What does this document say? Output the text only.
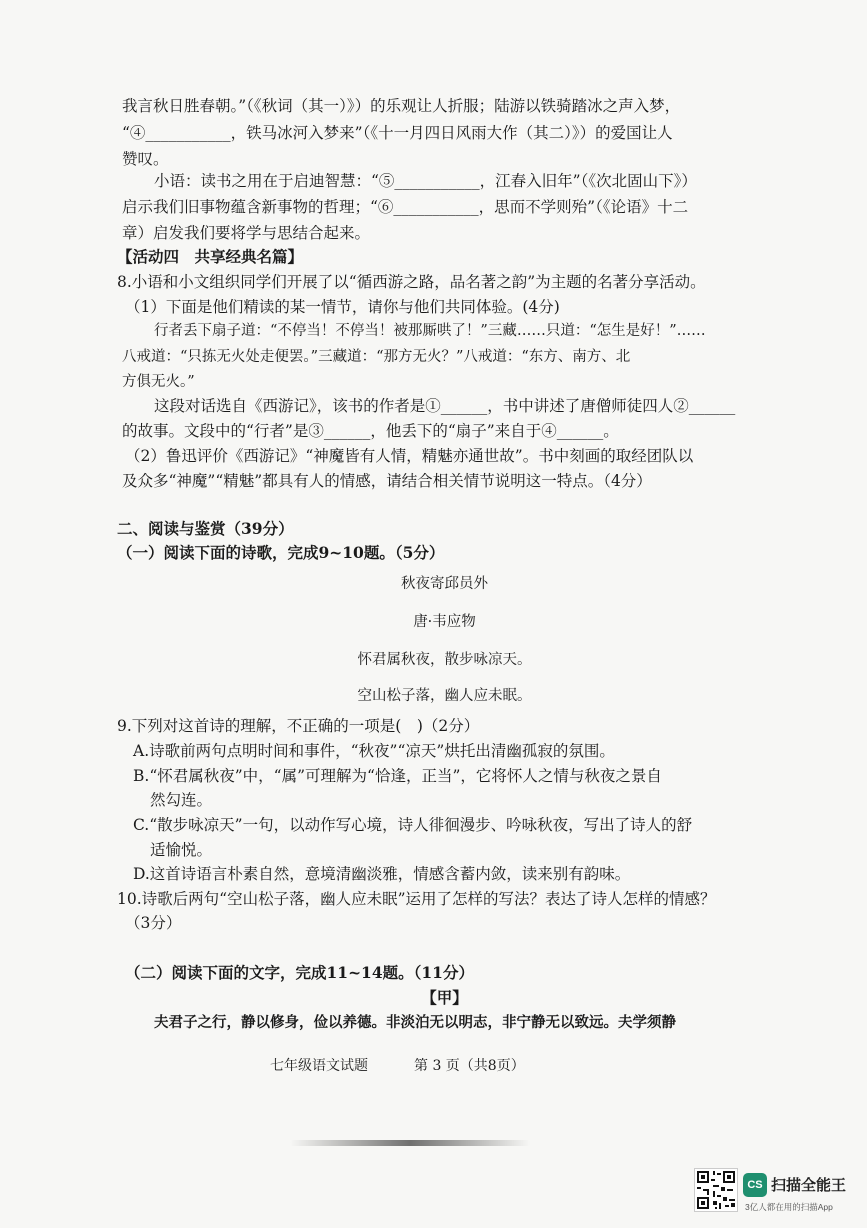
我言秋日胜春朝。”（《秋词（其一）》）的乐观让人折服；陆游以铁骑踏冰之声入梦，
“④___________，铁马冰河入梦来”（《十一月四日风雨大作（其二）》）的爱国让人
赞叹。
小语：读书之用在于启迪智慧：“⑤___________，江春入旧年”（《次北固山下》）
启示我们旧事物蕴含新事物的哲理；“⑥___________，思而不学则殆”（《论语》十二
章）启发我们要将学与思结合起来。
【活动四　共享经典名篇】
8.小语和小文组织同学们开展了以“循西游之路，品名著之韵”为主题的名著分享活动。
（1）下面是他们精读的某一情节，请你与他们共同体验。(4分)
行者丢下扇子道：“不停当！不停当！被那厮哄了！”三藏……只道：“怎生是好！”……
八戒道：“只拣无火处走便罢。”三藏道：“那方无火？”八戒道：“东方、南方、北
方俱无火。”
这段对话选自《西游记》，该书的作者是①______，书中讲述了唐僧师徒四人②______
的故事。文段中的“行者”是③______，他丢下的“扇子”来自于④______。
（2）鲁迅评价《西游记》“神魔皆有人情，精魅亦通世故”。书中刻画的取经团队以
及众多“神魔”“精魅”都具有人的情感，请结合相关情节说明这一特点。（4分）
二、阅读与鉴赏（39分）
（一）阅读下面的诗歌，完成9~10题。（5分）
9.下列对这首诗的理解，不正确的一项是(　)（2分）
A.诗歌前两句点明时间和事件，“秋夜”“凉天”烘托出清幽孤寂的氛围。
B.“怀君属秋夜”中，“属”可理解为“恰逢，正当”，它将怀人之情与秋夜之景自
然勾连。
C.“散步咏凉天”一句，以动作写心境，诗人徘徊漫步、吟咏秋夜，写出了诗人的舒
适愉悦。
D.这首诗语言朴素自然，意境清幽淡雅，情感含蓄内敛，读来别有韵味。
10.诗歌后两句“空山松子落，幽人应未眠”运用了怎样的写法？表达了诗人怎样的情感？
（3分）
（二）阅读下面的文字，完成11~14题。（11分）
夫君子之行，静以修身，俭以养德。非淡泊无以明志，非宁静无以致远。夫学须静
秋夜寄邱员外
唐·韦应物
怀君属秋夜，散步咏凉天。
空山松子落，幽人应未眠。
【甲】
七年级语文试题	第 3 页（共8页）
CS 扫描全能王
3亿人都在用的扫描App
